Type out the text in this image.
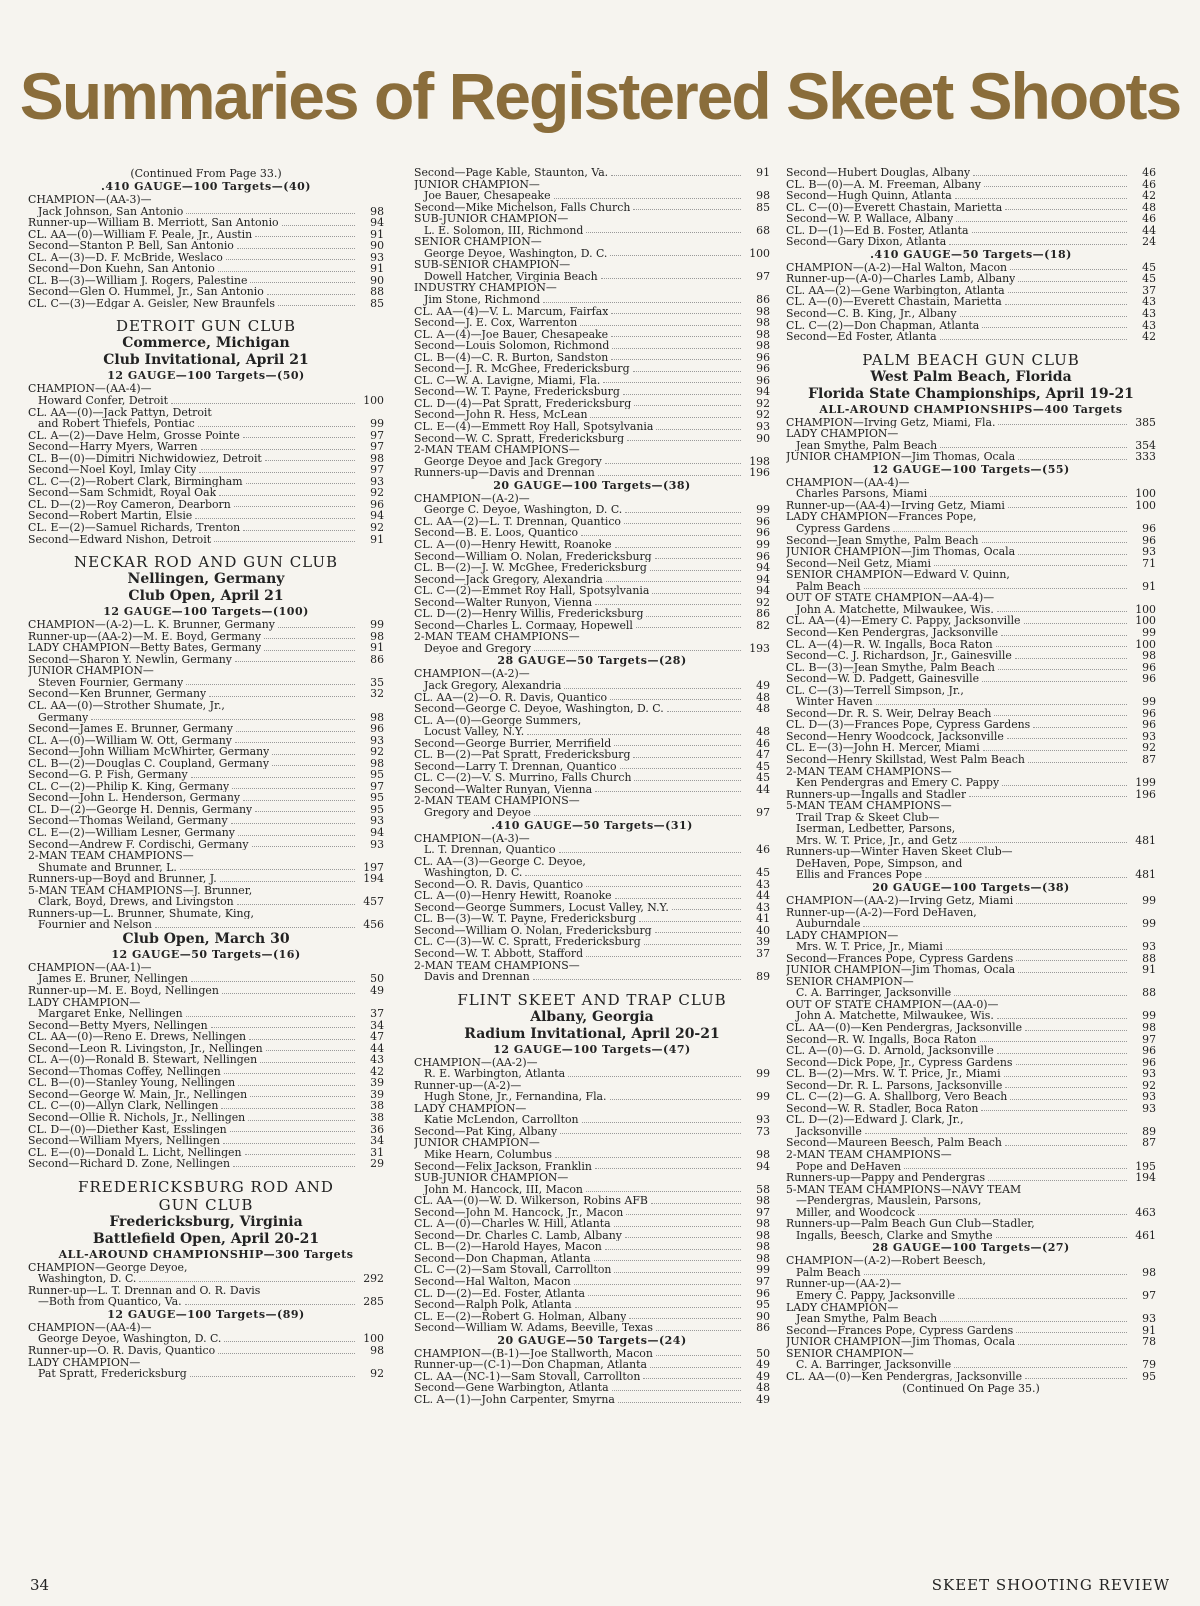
Summaries of Registered Skeet Shoots
(Continued From Page 33.)
.410 GAUGE—100 Targets—(40)
CHAMPION—(AA-3)—
Jack Johnson, San Antonio	98
Runner-up—William B. Merriott, San Antonio	94
CL. AA—(0)—William F. Peale, Jr., Austin	91
Second—Stanton P. Bell, San Antonio	90
CL. A—(3)—D. F. McBride, Weslaco	93
Second—Don Kuehn, San Antonio	91
CL. B—(3)—William J. Rogers, Palestine	90
Second—Glen O. Hummel, Jr., San Antonio	88
CL. C—(3)—Edgar A. Geisler, New Braunfels	85
DETROIT GUN CLUB
Commerce, Michigan
Club Invitational, April 21
12 GAUGE—100 Targets—(50)
CHAMPION—(AA-4)—
Howard Confer, Detroit	100
CL. AA—(0)—Jack Pattyn, Detroit
and Robert Thiefels, Pontiac	99
CL. A—(2)—Dave Helm, Grosse Pointe	97
Second—Harry Myers, Warren	97
CL. B—(0)—Dimitri Nichwidowiez, Detroit	98
Second—Noel Koyl, Imlay City	97
CL. C—(2)—Robert Clark, Birmingham	93
Second—Sam Schmidt, Royal Oak	92
CL. D—(2)—Roy Cameron, Dearborn	96
Second—Robert Martin, Elsie	94
CL. E—(2)—Samuel Richards, Trenton	92
Second—Edward Nishon, Detroit	91
NECKAR ROD AND GUN CLUB
Nellingen, Germany
Club Open, April 21
12 GAUGE—100 Targets—(100)
CHAMPION—(A-2)—L. K. Brunner, Germany	99
Runner-up—(AA-2)—M. E. Boyd, Germany	98
LADY CHAMPION—Betty Bates, Germany	91
Second—Sharon Y. Newlin, Germany	86
JUNIOR CHAMPION—
Steven Fournier, Germany	35
Second—Ken Brunner, Germany	32
CL. AA—(0)—Strother Shumate, Jr.,
Germany	98
Second—James E. Brunner, Germany	96
CL. A—(0)—William W. Ott, Germany	93
Second—John William McWhirter, Germany	92
CL. B—(2)—Douglas C. Coupland, Germany	98
Second—G. P. Fish, Germany	95
CL. C—(2)—Philip K. King, Germany	97
Second—John L. Henderson, Germany	95
CL. D—(2)—George H. Dennis, Germany	95
Second—Thomas Weiland, Germany	93
CL. E—(2)—William Lesner, Germany	94
Second—Andrew F. Cordischi, Germany	93
2-MAN TEAM CHAMPIONS—
Shumate and Brunner, L.	197
Runners-up—Boyd and Brunner, J.	194
5-MAN TEAM CHAMPIONS—J. Brunner,
Clark, Boyd, Drews, and Livingston	457
Runners-up—L. Brunner, Shumate, King,
Fournier and Nelson	456
Club Open, March 30
12 GAUGE—50 Targets—(16)
CHAMPION—(AA-1)—
James E. Bruner, Nellingen	50
Runner-up—M. E. Boyd, Nellingen	49
LADY CHAMPION—
Margaret Enke, Nellingen	37
Second—Betty Myers, Nellingen	34
CL. AA—(0)—Reno E. Drews, Nellingen	47
Second—Leon R. Livingston, Jr., Nellingen	44
CL. A—(0)—Ronald B. Stewart, Nellingen	43
Second—Thomas Coffey, Nellingen	42
CL. B—(0)—Stanley Young, Nellingen	39
Second—George W. Main, Jr., Nellingen	39
CL. C—(0)—Allyn Clark, Nellingen	38
Second—Ollie R. Nichols, Jr., Nellingen	38
CL. D—(0)—Diether Kast, Esslingen	36
Second—William Myers, Nellingen	34
CL. E—(0)—Donald L. Licht, Nellingen	31
Second—Richard D. Zone, Nellingen	29
FREDERICKSBURG ROD AND
GUN CLUB
Fredericksburg, Virginia
Battlefield Open, April 20-21
ALL-AROUND CHAMPIONSHIP—300 Targets
CHAMPION—George Deyoe,
Washington, D. C.	292
Runner-up—L. T. Drennan and O. R. Davis
—Both from Quantico, Va.	285
12 GAUGE—100 Targets—(89)
CHAMPION—(AA-4)—
George Deyoe, Washington, D. C.	100
Runner-up—O. R. Davis, Quantico	98
LADY CHAMPION—
Pat Spratt, Fredericksburg	92
Second—Page Kable, Staunton, Va.	91
JUNIOR CHAMPION—
Joe Bauer, Chesapeake	98
Second—Mike Michelson, Falls Church	85
SUB-JUNIOR CHAMPION—
L. E. Solomon, III, Richmond	68
SENIOR CHAMPION—
George Deyoe, Washington, D. C.	100
SUB-SENIOR CHAMPION—
Dowell Hatcher, Virginia Beach	97
INDUSTRY CHAMPION—
Jim Stone, Richmond	86
CL. AA—(4)—V. L. Marcum, Fairfax	98
Second—J. E. Cox, Warrenton	98
CL. A—(4)—Joe Bauer, Chesapeake	98
Second—Louis Solomon, Richmond	98
CL. B—(4)—C. R. Burton, Sandston	96
Second—J. R. McGhee, Fredericksburg	96
CL. C—W. A. Lavigne, Miami, Fla.	96
Second—W. T. Payne, Fredericksburg	94
CL. D—(4)—Pat Spratt, Fredericksburg	92
Second—John R. Hess, McLean	92
CL. E—(4)—Emmett Roy Hall, Spotsylvania	93
Second—W. C. Spratt, Fredericksburg	90
2-MAN TEAM CHAMPIONS—
George Deyoe and Jack Gregory	198
Runners-up—Davis and Drennan	196
20 GAUGE—100 Targets—(38)
CHAMPION—(A-2)—
George C. Deyoe, Washington, D. C.	99
CL. AA—(2)—L. T. Drennan, Quantico	96
Second—B. E. Loos, Quantico	96
CL. A—(0)—Henry Hewitt, Roanoke	99
Second—William O. Nolan, Fredericksburg	96
CL. B—(2)—J. W. McGhee, Fredericksburg	94
Second—Jack Gregory, Alexandria	94
CL. C—(2)—Emmet Roy Hall, Spotsylvania	94
Second—Walter Runyon, Vienna	92
CL. D—(2)—Henry Willis, Fredericksburg	86
Second—Charles L. Cormaay, Hopewell	82
2-MAN TEAM CHAMPIONS—
Deyoe and Gregory	193
28 GAUGE—50 Targets—(28)
CHAMPION—(A-2)—
Jack Gregory, Alexandria	49
CL. AA—(2)—O. R. Davis, Quantico	48
Second—George C. Deyoe, Washington, D. C.	48
CL. A—(0)—George Summers,
Locust Valley, N.Y.	48
Second—George Burrier, Merrifield	46
CL. B—(2)—Pat Spratt, Fredericksburg	47
Second—Larry T. Drennan, Quantico	45
CL. C—(2)—V. S. Murrino, Falls Church	45
Second—Walter Runyan, Vienna	44
2-MAN TEAM CHAMPIONS—
Gregory and Deyoe	97
.410 GAUGE—50 Targets—(31)
CHAMPION—(A-3)—
L. T. Drennan, Quantico	46
CL. AA—(3)—George C. Deyoe,
Washington, D. C.	45
Second—O. R. Davis, Quantico	43
CL. A—(0)—Henry Hewitt, Roanoke	44
Second—George Summers, Locust Valley, N.Y.	43
CL. B—(3)—W. T. Payne, Fredericksburg	41
Second—William O. Nolan, Fredericksburg	40
CL. C—(3)—W. C. Spratt, Fredericksburg	39
Second—W. T. Abbott, Stafford	37
2-MAN TEAM CHAMPIONS—
Davis and Drennan	89
FLINT SKEET AND TRAP CLUB
Albany, Georgia
Radium Invitational, April 20-21
12 GAUGE—100 Targets—(47)
CHAMPION—(AA-2)—
R. E. Warbington, Atlanta	99
Runner-up—(A-2)—
Hugh Stone, Jr., Fernandina, Fla.	99
LADY CHAMPION—
Katie McLendon, Carrollton	93
Second—Pat King, Albany	73
JUNIOR CHAMPION—
Mike Hearn, Columbus	98
Second—Felix Jackson, Franklin	94
SUB-JUNIOR CHAMPION—
John M. Hancock, III, Macon	58
CL. AA—(0)—W. D. Wilkerson, Robins AFB	98
Second—John M. Hancock, Jr., Macon	97
CL. A—(0)—Charles W. Hill, Atlanta	98
Second—Dr. Charles C. Lamb, Albany	98
CL. B—(2)—Harold Hayes, Macon	98
Second—Don Chapman, Atlanta	98
CL. C—(2)—Sam Stovall, Carrollton	99
Second—Hal Walton, Macon	97
CL. D—(2)—Ed. Foster, Atlanta	96
Second—Ralph Polk, Atlanta	95
CL. E—(2)—Robert G. Holman, Albany	90
Second—William W. Adams, Beeville, Texas	86
20 GAUGE—50 Targets—(24)
CHAMPION—(B-1)—Joe Stallworth, Macon	50
Runner-up—(C-1)—Don Chapman, Atlanta	49
CL. AA—(NC-1)—Sam Stovall, Carrollton	49
Second—Gene Warbington, Atlanta	48
CL. A—(1)—John Carpenter, Smyrna	49
Second—Hubert Douglas, Albany	46
CL. B—(0)—A. M. Freeman, Albany	46
Second—Hugh Quinn, Atlanta	42
CL. C—(0)—Everett Chastain, Marietta	48
Second—W. P. Wallace, Albany	46
CL. D—(1)—Ed B. Foster, Atlanta	44
Second—Gary Dixon, Atlanta	24
.410 GAUGE—50 Targets—(18)
CHAMPION—(A-2)—Hal Walton, Macon	45
Runner-up—(A-0)—Charles Lamb, Albany	45
CL. AA—(2)—Gene Warbington, Atlanta	37
CL. A—(0)—Everett Chastain, Marietta	43
Second—C. B. King, Jr., Albany	43
CL. C—(2)—Don Chapman, Atlanta	43
Second—Ed Foster, Atlanta	42
PALM BEACH GUN CLUB
West Palm Beach, Florida
Florida State Championships, April 19-21
ALL-AROUND CHAMPIONSHIPS—400 Targets
CHAMPION—Irving Getz, Miami, Fla.	385
LADY CHAMPION—
Jean Smythe, Palm Beach	354
JUNIOR CHAMPION—Jim Thomas, Ocala	333
12 GAUGE—100 Targets—(55)
CHAMPION—(AA-4)—
Charles Parsons, Miami	100
Runner-up—(AA-4)—Irving Getz, Miami	100
LADY CHAMPION—Frances Pope,
Cypress Gardens	96
Second—Jean Smythe, Palm Beach	96
JUNIOR CHAMPION—Jim Thomas, Ocala	93
Second—Neil Getz, Miami	71
SENIOR CHAMPION—Edward V. Quinn,
Palm Beach	91
OUT OF STATE CHAMPION—AA-4)—
John A. Matchette, Milwaukee, Wis.	100
CL. AA—(4)—Emery C. Pappy, Jacksonville	100
Second—Ken Pendergras, Jacksonville	99
CL. A—(4)—R. W. Ingalls, Boca Raton	100
Second—C. J. Richardson, Jr., Gainesville	98
CL. B—(3)—Jean Smythe, Palm Beach	96
Second—W. D. Padgett, Gainesville	96
CL. C—(3)—Terrell Simpson, Jr.,
Winter Haven	99
Second—Dr. R. S. Weir, Delray Beach	96
CL. D—(3)—Frances Pope, Cypress Gardens	96
Second—Henry Woodcock, Jacksonville	93
CL. E—(3)—John H. Mercer, Miami	92
Second—Henry Skillstad, West Palm Beach	87
2-MAN TEAM CHAMPIONS—
Ken Pendergras and Emery C. Pappy	199
Runners-up—Ingalls and Stadler	196
5-MAN TEAM CHAMPIONS—
Trail Trap & Skeet Club—
Iserman, Ledbetter, Parsons,
Mrs. W. T. Price, Jr., and Getz	481
Runners-up—Winter Haven Skeet Club—
DeHaven, Pope, Simpson, and
Ellis and Frances Pope	481
20 GAUGE—100 Targets—(38)
CHAMPION—(AA-2)—Irving Getz, Miami	99
Runner-up—(A-2)—Ford DeHaven,
Auburndale	99
LADY CHAMPION—
Mrs. W. T. Price, Jr., Miami	93
Second—Frances Pope, Cypress Gardens	88
JUNIOR CHAMPION—Jim Thomas, Ocala	91
SENIOR CHAMPION—
C. A. Barringer, Jacksonville	88
OUT OF STATE CHAMPION—(AA-0)—
John A. Matchette, Milwaukee, Wis.	99
CL. AA—(0)—Ken Pendergras, Jacksonville	98
Second—R. W. Ingalls, Boca Raton	97
CL. A—(0)—G. D. Arnold, Jacksonville	96
Second—Dick Pope, Jr., Cypress Gardens	96
CL. B—(2)—Mrs. W. T. Price, Jr., Miami	93
Second—Dr. R. L. Parsons, Jacksonville	92
CL. C—(2)—G. A. Shallborg, Vero Beach	93
Second—W. R. Stadler, Boca Raton	93
CL. D—(2)—Edward J. Clark, Jr.,
Jacksonville	89
Second—Maureen Beesch, Palm Beach	87
2-MAN TEAM CHAMPIONS—
Pope and DeHaven	195
Runners-up—Pappy and Pendergras	194
5-MAN TEAM CHAMPIONS—NAVY TEAM
—Pendergras, Mauslein, Parsons,
Miller, and Woodcock	463
Runners-up—Palm Beach Gun Club—Stadler,
Ingalls, Beesch, Clarke and Smythe	461
28 GAUGE—100 Targets—(27)
CHAMPION—(A-2)—Robert Beesch,
Palm Beach	98
Runner-up—(AA-2)—
Emery C. Pappy, Jacksonville	97
LADY CHAMPION—
Jean Smythe, Palm Beach	93
Second—Frances Pope, Cypress Gardens	91
JUNIOR CHAMPION—Jim Thomas, Ocala	78
SENIOR CHAMPION—
C. A. Barringer, Jacksonville	79
CL. AA—(0)—Ken Pendergras, Jacksonville	95
(Continued On Page 35.)
34	SKEET SHOOTING REVIEW
